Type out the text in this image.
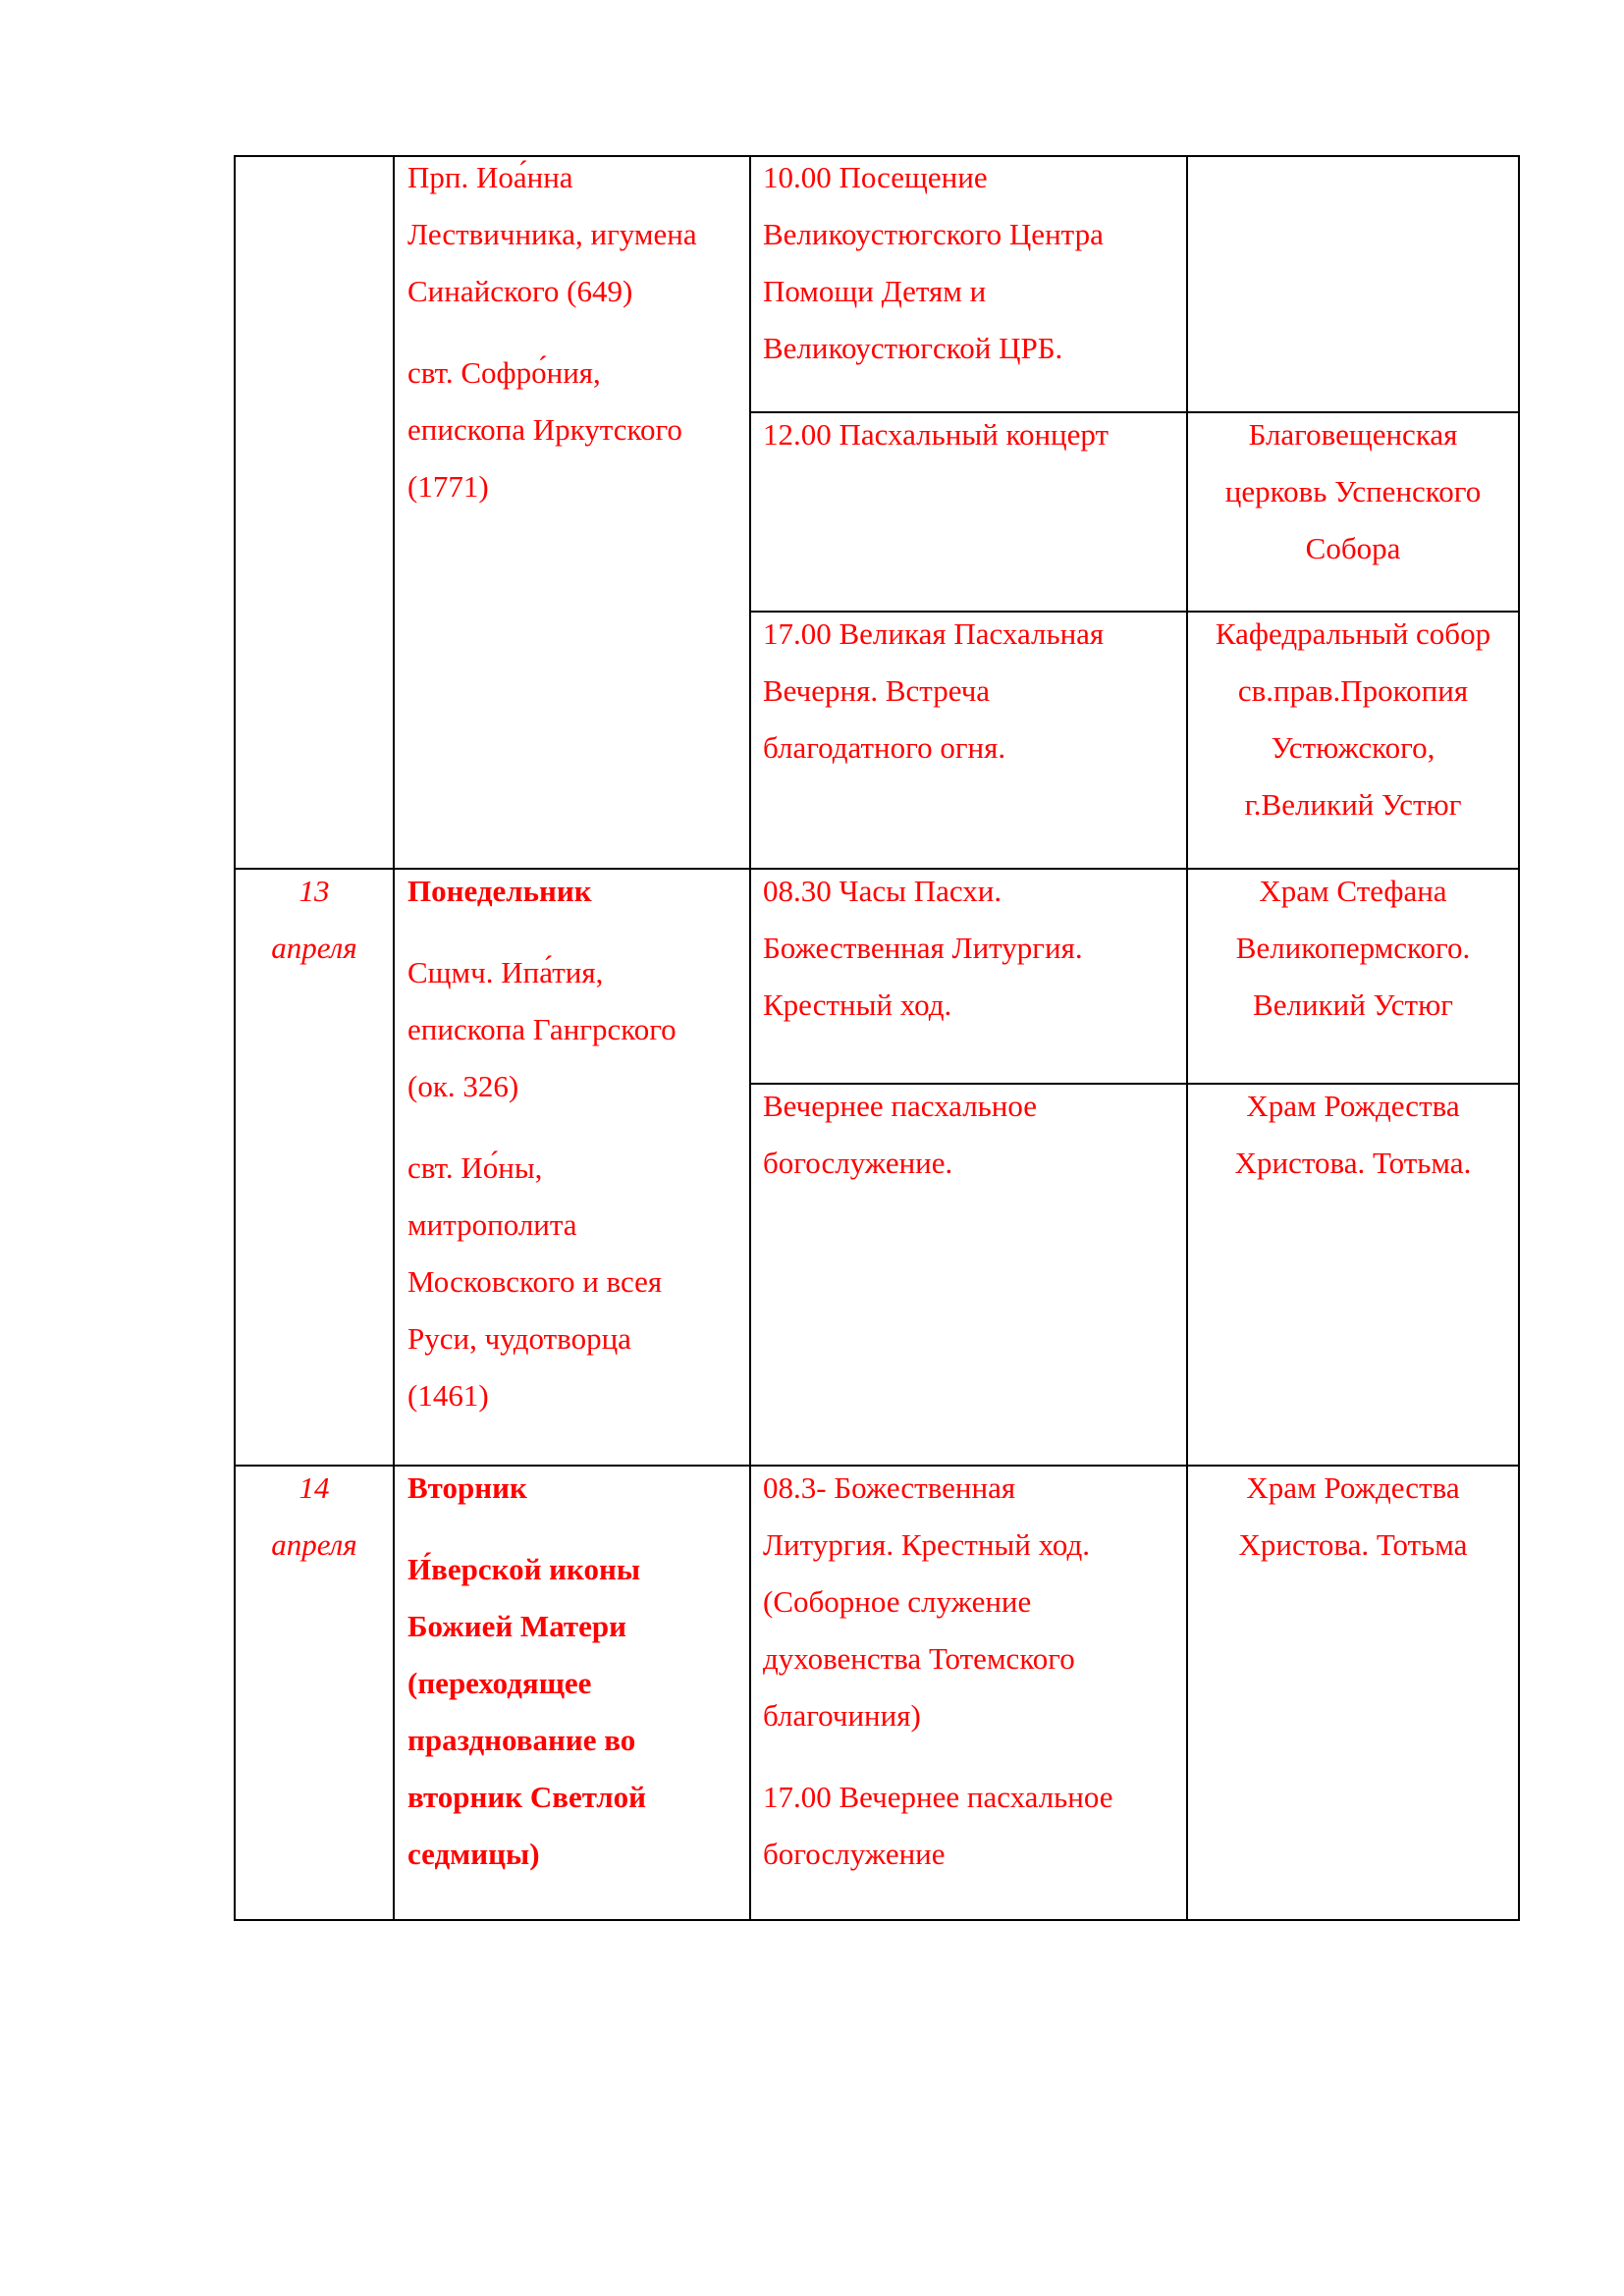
Прп. Иоа́нна

Лествичника, игумена

Синайского (649)

свт. Софро́ния,

епископа Иркутского

(1771)

10.00 Посещение

Великоустюгского Центра

Помощи Детям и

Великоустюгской ЦРБ.

12.00 Пасхальный концерт	Благовещенская

церковь Успенского

Собора

17.00 Великая Пасхальная

Вечерня. Встреча

благодатного огня.

Кафедральный собор

св.прав.Прокопия

Устюжского,

г.Великий Устюг

13

апреля

Понедельник

Сщмч. Ипа́тия,

епископа Гангрского

(ок. 326)

свт. Ио́ны,

митрополита

Московского и всея

Руси, чудотворца

(1461)

08.30 Часы Пасхи.

Божественная Литургия.

Крестный ход.

Храм Стефана

Великопермского.

Великий Устюг

Вечернее пасхальное

богослужение.

Храм Рождества

Христова. Тотьма.

14

апреля

Вторник

И́верской иконы

Божией Матери

(переходящее

празднование во

вторник Светлой

седмицы)

08.3- Божественная

Литургия. Крестный ход.

(Соборное служение

духовенства Тотемского

благочиния)

17.00 Вечернее пасхальное

богослужение

Храм Рождества

Христова. Тотьма
